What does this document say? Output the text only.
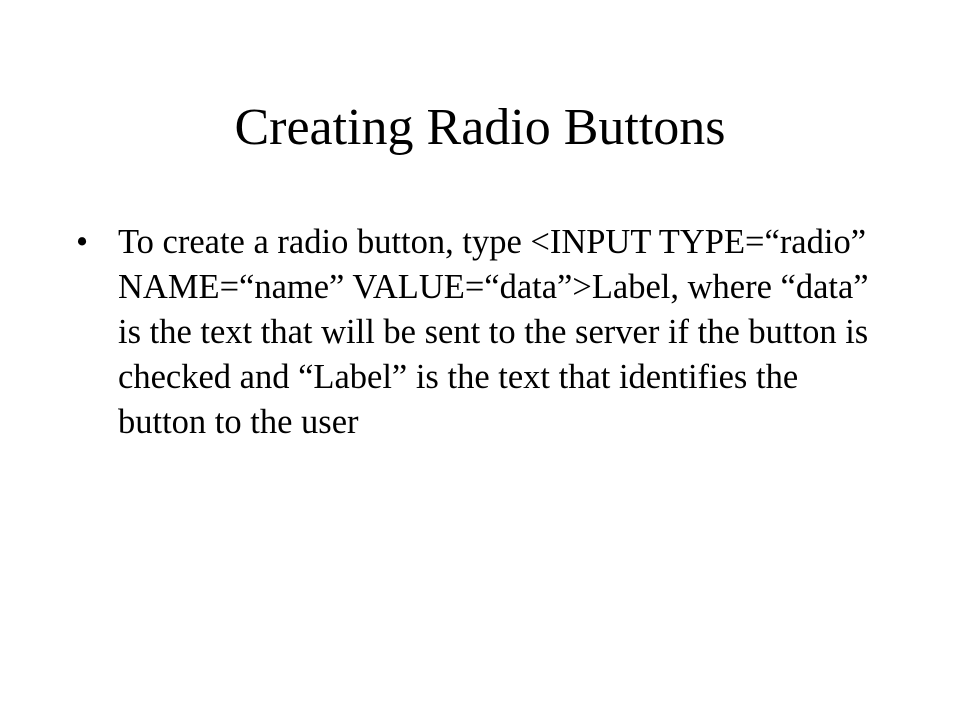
Creating Radio Buttons
• To create a radio button, type <INPUT TYPE=“radio” NAME=“name” VALUE=“data”>Label, where “data” is the text that will be sent to the server if the button is checked and “Label” is the text that identifies the button to the user
